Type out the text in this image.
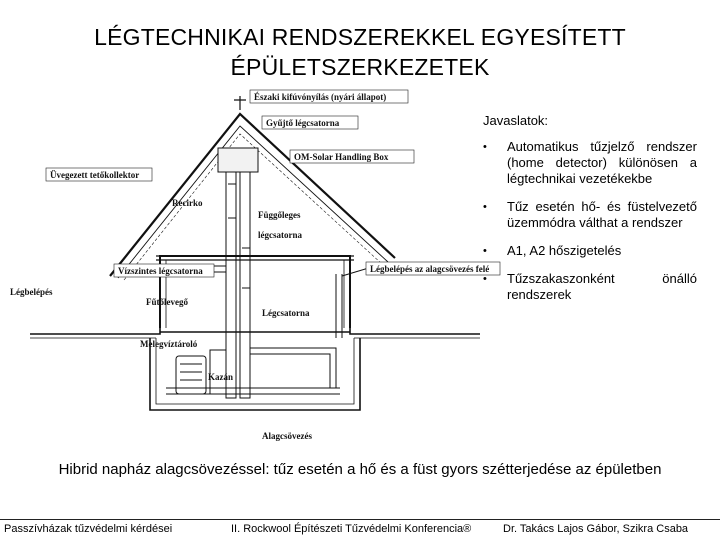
LÉGTECHNIKAI RENDSZEREKKEL EGYESÍTETT
ÉPÜLETSZERKEZETEK
Északi kifúvónyílás (nyári állapot)
Gyűjtő légcsatorna
OM-Solar Handling Box
Üvegezett tetőkollektor
Recirko
Függőleges
légcsatorna
Vízszintes légcsatorna	Légbelépés az alagcsövezés felé
Légbelépés
Fűtőlevegő
Légcsatorna
Melegvíztároló
Kazán
Alagcsövezés
Javaslatok:
•	Automatikus tűzjelző rendszer (home detector) különösen a légtechnikai vezetékekbe
•	Tűz esetén hő- és füstelvezető üzemmódra válthat a rendszer
•	A1, A2 hőszigetelés
•	Tűzszakaszonként önálló rendszerek
Hibrid napház alagcsövezéssel: tűz esetén a hő és a füst gyors szétterjedése az épületben
Passzívházak tűzvédelmi kérdései	II. Rockwool Építészeti Tűzvédelmi Konferencia®	Dr. Takács Lajos Gábor, Szikra Csaba
